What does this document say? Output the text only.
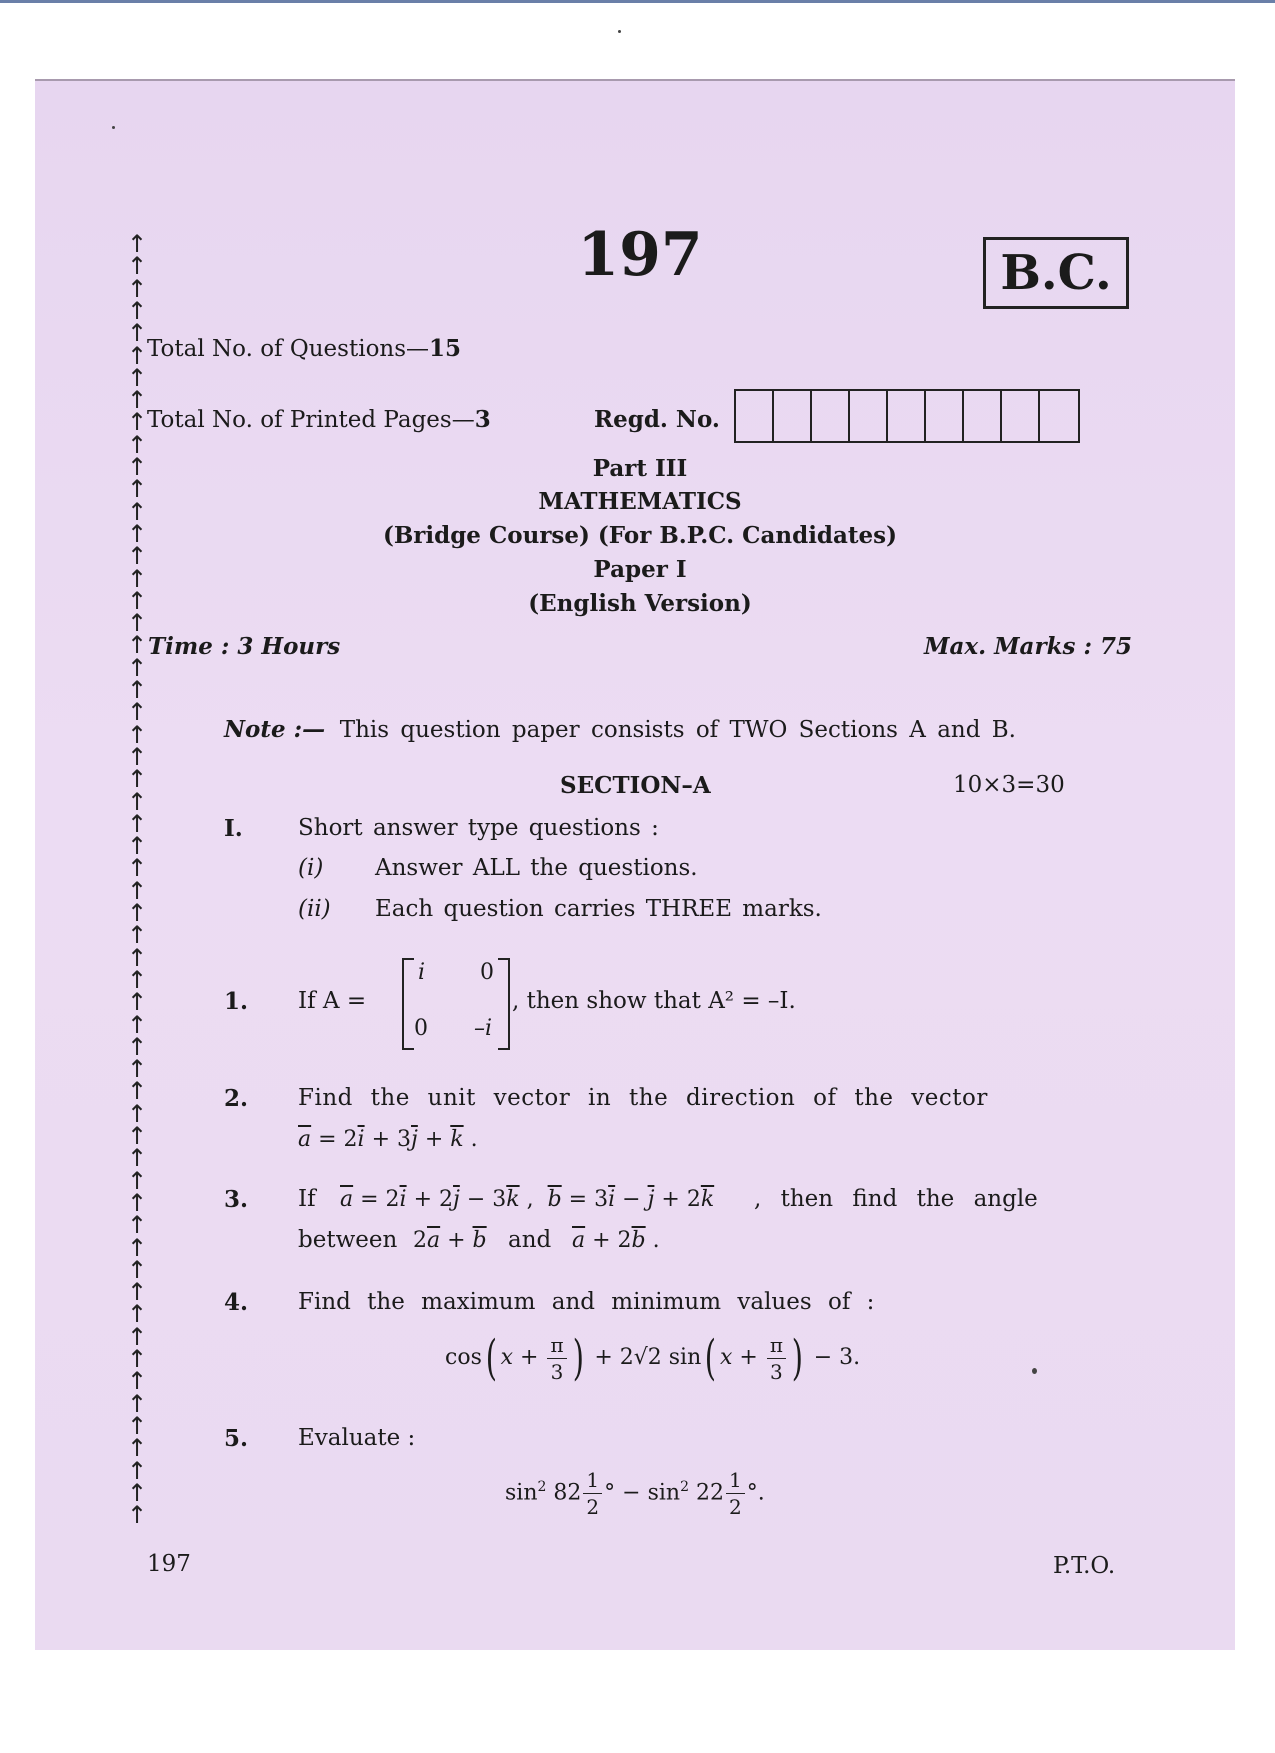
↑
↑
↑
↑
↑
↑
↑
↑
↑
↑
↑
↑
↑
↑
↑
↑
↑
↑
↑
↑
↑
↑
↑
↑
↑
↑
↑
↑
↑
↑
↑
↑
↑
↑
↑
↑
↑
↑
↑
↑
↑
↑
↑
↑
↑
↑
↑
↑
↑
↑
↑
↑
↑
↑
↑
↑
↑
↑
197	B.C.
Total No. of Questions—15
Total No. of Printed Pages—3	Regd. No.
Part III
MATHEMATICS
(Bridge Course) (For B.P.C. Candidates)
Paper I
(English Version)
Time : 3 Hours	Max. Marks : 75
Note :— This question paper consists of TWO Sections A and B.
SECTION–A	10×3=30
I. Short answer type questions :
(i) Answer ALL the questions.
(ii) Each question carries THREE marks.
1. If A =
i 0
0 –i
, then show that A² = –I.
2. Find the unit vector in the direction of the vector
$\overline{a} = 2\overline{i} + 3\overline{j} + \overline{k}$ .
3. If $\overline{a} = 2\overline{i} + 2\overline{j} - 3\overline{k}$ ,  $\overline{b} = 3\overline{i} - \overline{j} + 2\overline{k}$ , then find the angle
between $2\overline{a} + \overline{b}$ and $\overline{a} + 2\overline{b}$ .
4. Find the maximum and minimum values of :
cos( $x + \frac{\pi}{3}$ ) + 2√2 sin( $x + \frac{\pi}{3}$ ) − 3.
5. Evaluate :
$\sin^2 82 \frac{1}{2}$ ° − $\sin^2 22 \frac{1}{2}$ °.
197	P.T.O.
